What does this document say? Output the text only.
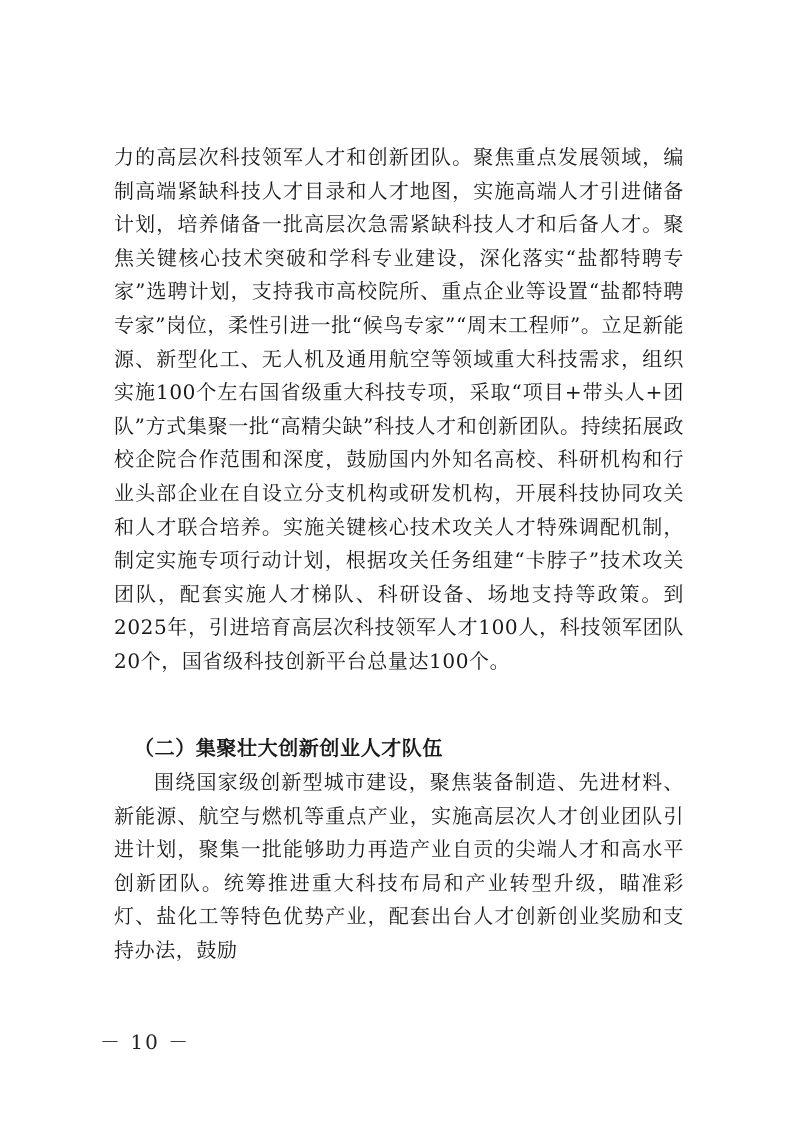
力的高层次科技领军人才和创新团队。聚焦重点发展领域，编制高端紧缺科技人才目录和人才地图，实施高端人才引进储备计划，培养储备一批高层次急需紧缺科技人才和后备人才。聚焦关键核心技术突破和学科专业建设，深化落实“盐都特聘专家”选聘计划，支持我市高校院所、重点企业等设置“盐都特聘专家”岗位，柔性引进一批“候鸟专家”“周末工程师”。立足新能源、新型化工、无人机及通用航空等领域重大科技需求，组织实施100个左右国省级重大科技专项，采取“项目+带头人+团队”方式集聚一批“高精尖缺”科技人才和创新团队。持续拓展政校企院合作范围和深度，鼓励国内外知名高校、科研机构和行业头部企业在自设立分支机构或研发机构，开展科技协同攻关和人才联合培养。实施关键核心技术攻关人才特殊调配机制，制定实施专项行动计划，根据攻关任务组建“卡脖子”技术攻关团队，配套实施人才梯队、科研设备、场地支持等政策。到2025年，引进培育高层次科技领军人才100人，科技领军团队20个，国省级科技创新平台总量达100个。
（二）集聚壮大创新创业人才队伍
围绕国家级创新型城市建设，聚焦装备制造、先进材料、新能源、航空与燃机等重点产业，实施高层次人才创业团队引进计划，聚集一批能够助力再造产业自贡的尖端人才和高水平创新团队。统筹推进重大科技布局和产业转型升级，瞄准彩灯、盐化工等特色优势产业，配套出台人才创新创业奖励和支持办法，鼓励
－ 10 －
